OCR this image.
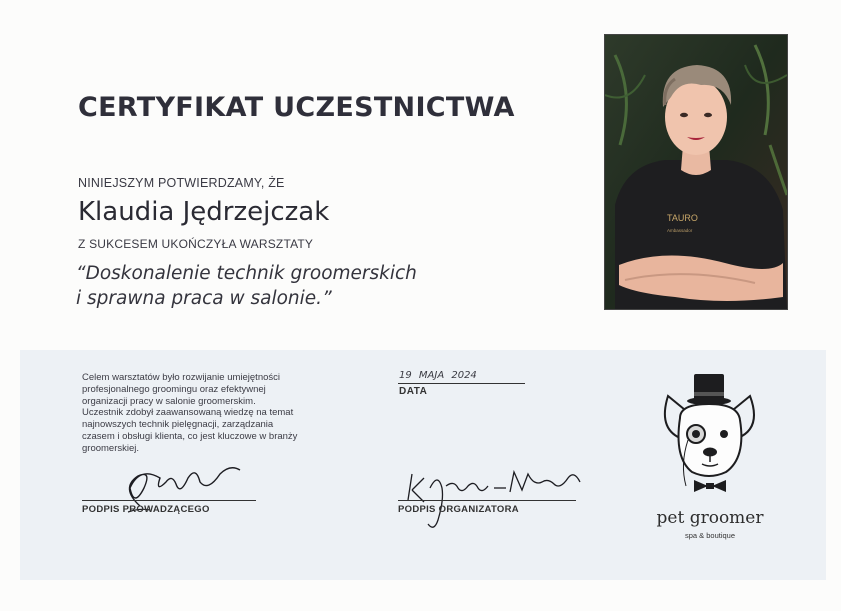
CERTYFIKAT UCZESTNICTWA
NINIEJSZYM POTWIERDZAMY, ŻE
Klaudia Jędrzejczak
Z SUKCESEM UKOŃCZYŁA WARSZTATY
“Doskonalenie technik groomerskich
i sprawna praca w salonie.”
TAURO
Ambassador
Celem warsztatów było rozwijanie umiejętności
profesjonalnego groomingu oraz efektywnej
organizacji pracy w salonie groomerskim.
Uczestnik zdobył zaawansowaną wiedzę na temat
najnowszych technik pielęgnacji, zarządzania
czasem i obsługi klienta, co jest kluczowe w branży
groomerskiej.
19 MAJA 2024
DATA
PODPIS PROWADZĄCEGO	PODPIS ORGANIZATORA	pet groomer
spa & boutique
